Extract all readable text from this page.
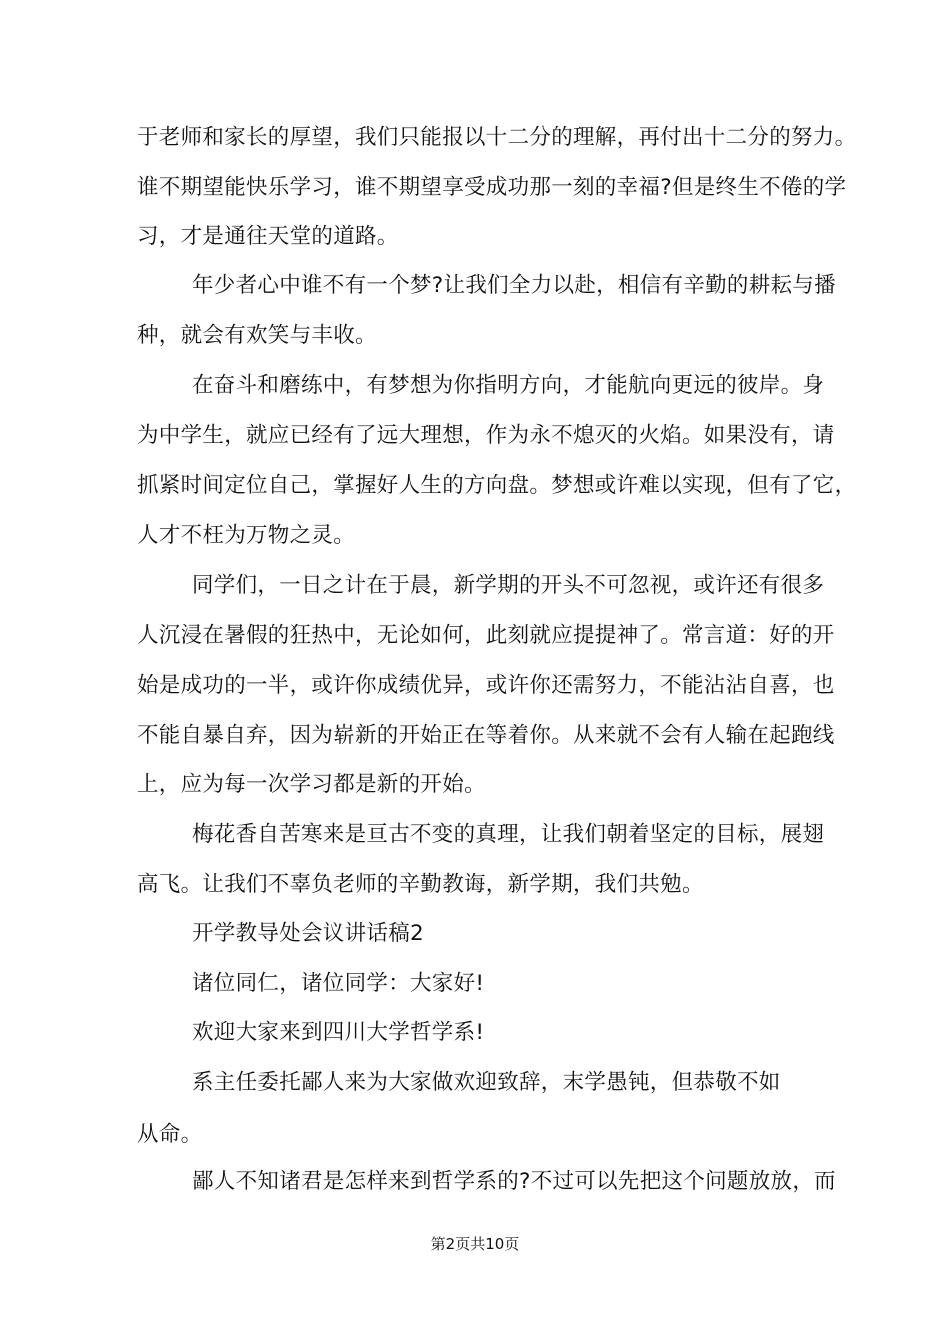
于老师和家长的厚望，我们只能报以十二分的理解，再付出十二分的努力。
谁不期望能快乐学习，谁不期望享受成功那一刻的幸福?但是终生不倦的学
习，才是通往天堂的道路。
年少者心中谁不有一个梦?让我们全力以赴，相信有辛勤的耕耘与播
种，就会有欢笑与丰收。
在奋斗和磨练中，有梦想为你指明方向，才能航向更远的彼岸。身
为中学生，就应已经有了远大理想，作为永不熄灭的火焰。如果没有，请
抓紧时间定位自己，掌握好人生的方向盘。梦想或许难以实现，但有了它，
人才不枉为万物之灵。
同学们，一日之计在于晨，新学期的开头不可忽视，或许还有很多
人沉浸在暑假的狂热中，无论如何，此刻就应提提神了。常言道：好的开
始是成功的一半，或许你成绩优异，或许你还需努力，不能沾沾自喜，也
不能自暴自弃，因为崭新的开始正在等着你。从来就不会有人输在起跑线
上，应为每一次学习都是新的开始。
梅花香自苦寒来是亘古不变的真理，让我们朝着坚定的目标，展翅
高飞。让我们不辜负老师的辛勤教诲，新学期，我们共勉。
开学教导处会议讲话稿2
诸位同仁，诸位同学：大家好!
欢迎大家来到四川大学哲学系!
系主任委托鄙人来为大家做欢迎致辞，末学愚钝，但恭敬不如
从命。
鄙人不知诸君是怎样来到哲学系的?不过可以先把这个问题放放，而
第2页共10页
